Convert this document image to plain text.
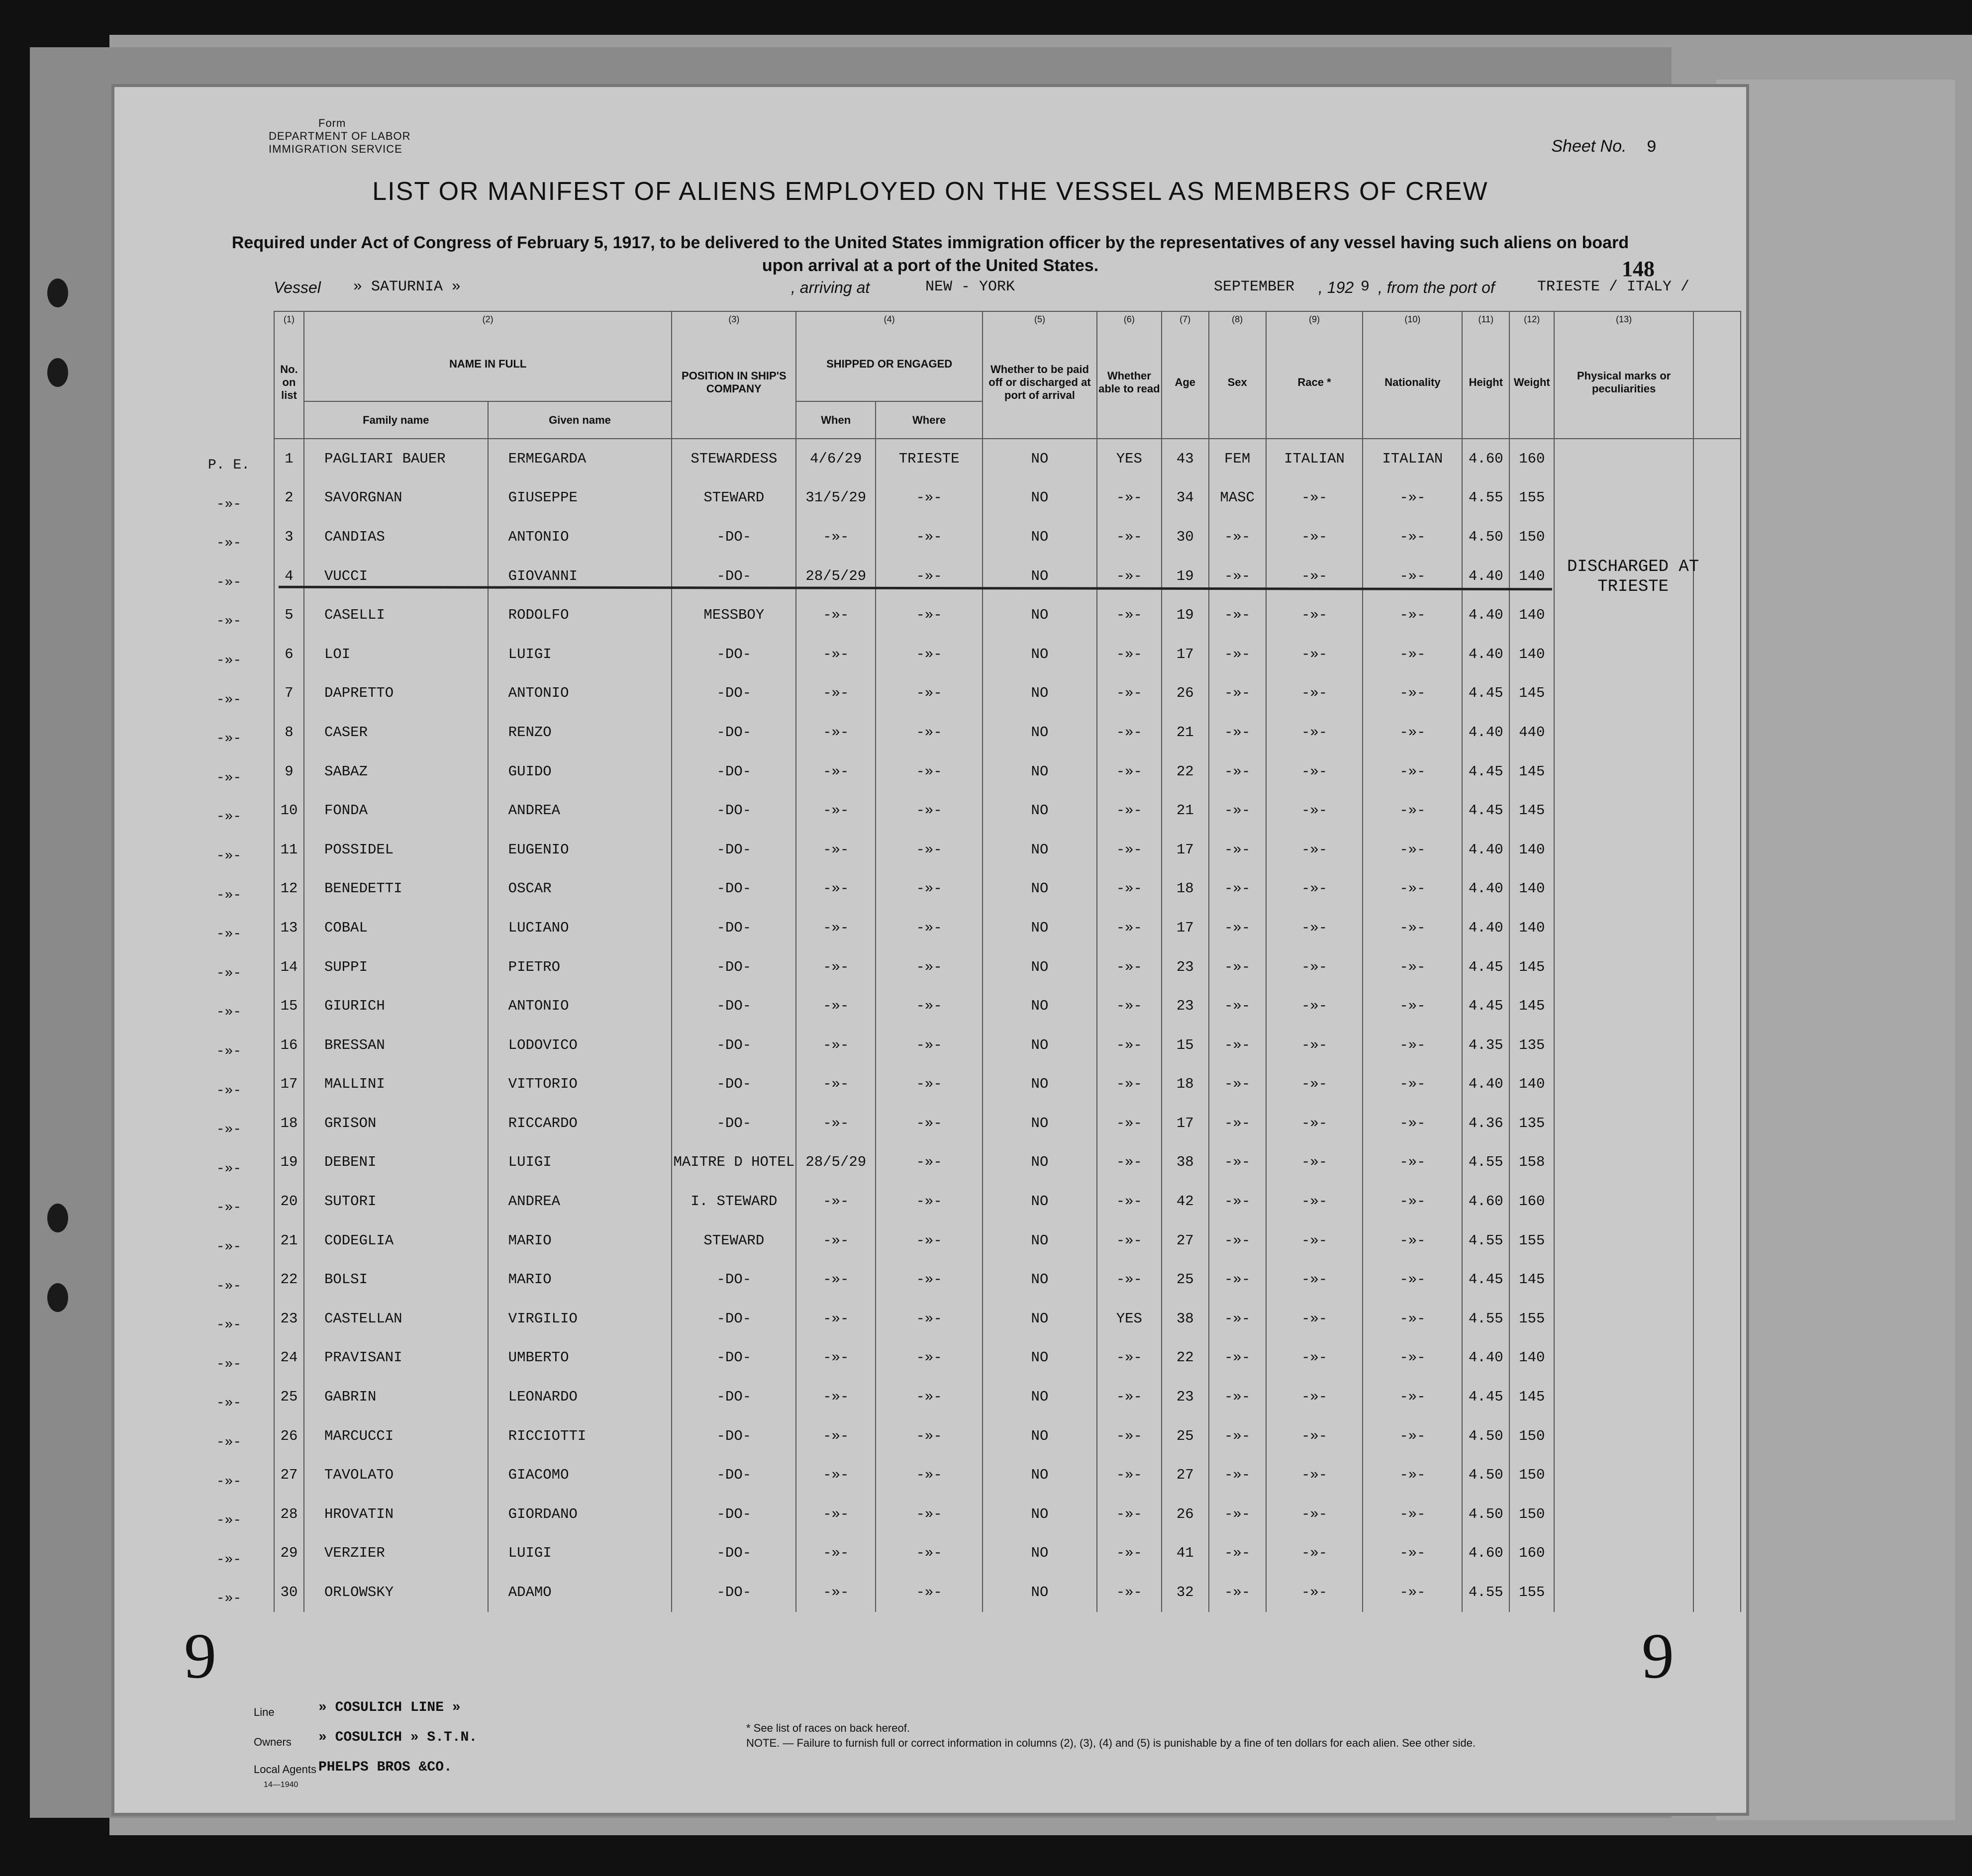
Form
DEPARTMENT OF LABOR
IMMIGRATION SERVICE	Sheet No. 9
LIST OR MANIFEST OF ALIENS EMPLOYED ON THE VESSEL AS MEMBERS OF CREW
Required under Act of Congress of February 5, 1917, to be delivered to the United States immigration officer by the representatives of any vessel having such aliens on board upon arrival at a port of the United States.	148
Vessel » SATURNIA »	, arriving at	NEW - YORK	SEPTEMBER , 192 9 , from the port of	TRIESTE / ITALY /
P. E.
-»-
-»-
-»-
-»-
-»-
-»-
-»-
-»-
-»-
-»-
-»-
-»-
-»-
-»-
-»-
-»-
-»-
-»-
-»-
-»-
-»-
-»-
-»-
-»-
-»-
-»-
-»-
-»-
-»-
(1)	(2)		(3)	(4)		(5)	(6)	(7)	(8)	(9)	(10)	(11)	(12)	(13)	
No. on list	NAME IN FULL		POSITION IN SHIP'S COMPANY	SHIPPED OR ENGAGED		Whether to be paid off or discharged at port of arrival	Whether able to read	Age	Sex	Race *	Nationality	Height	Weight	Physical marks or peculiarities	
	Family name	Given name		When	Where										
1	PAGLIARI BAUER	ERMEGARDA	STEWARDESS	4/6/29	TRIESTE	NO	YES	43	FEM	ITALIAN	ITALIAN	4.60	160		
2	SAVORGNAN	GIUSEPPE	STEWARD	31/5/29	-»-	NO	-»-	34	MASC	-»-	-»-	4.55	155		
3	CANDIAS	ANTONIO	-DO-	-»-	-»-	NO	-»-	30	-»-	-»-	-»-	4.50	150		
4	VUCCI	GIOVANNI	-DO-	28/5/29	-»-	NO	-»-	19	-»-	-»-	-»-	4.40	140		
5	CASELLI	RODOLFO	MESSBOY	-»-	-»-	NO	-»-	19	-»-	-»-	-»-	4.40	140		
6	LOI	LUIGI	-DO-	-»-	-»-	NO	-»-	17	-»-	-»-	-»-	4.40	140		
7	DAPRETTO	ANTONIO	-DO-	-»-	-»-	NO	-»-	26	-»-	-»-	-»-	4.45	145		
8	CASER	RENZO	-DO-	-»-	-»-	NO	-»-	21	-»-	-»-	-»-	4.40	440		
9	SABAZ	GUIDO	-DO-	-»-	-»-	NO	-»-	22	-»-	-»-	-»-	4.45	145		
10	FONDA	ANDREA	-DO-	-»-	-»-	NO	-»-	21	-»-	-»-	-»-	4.45	145		
11	POSSIDEL	EUGENIO	-DO-	-»-	-»-	NO	-»-	17	-»-	-»-	-»-	4.40	140		
12	BENEDETTI	OSCAR	-DO-	-»-	-»-	NO	-»-	18	-»-	-»-	-»-	4.40	140		
13	COBAL	LUCIANO	-DO-	-»-	-»-	NO	-»-	17	-»-	-»-	-»-	4.40	140		
14	SUPPI	PIETRO	-DO-	-»-	-»-	NO	-»-	23	-»-	-»-	-»-	4.45	145		
15	GIURICH	ANTONIO	-DO-	-»-	-»-	NO	-»-	23	-»-	-»-	-»-	4.45	145		
16	BRESSAN	LODOVICO	-DO-	-»-	-»-	NO	-»-	15	-»-	-»-	-»-	4.35	135		
17	MALLINI	VITTORIO	-DO-	-»-	-»-	NO	-»-	18	-»-	-»-	-»-	4.40	140		
18	GRISON	RICCARDO	-DO-	-»-	-»-	NO	-»-	17	-»-	-»-	-»-	4.36	135		
19	DEBENI	LUIGI	MAITRE D HOTEL	28/5/29	-»-	NO	-»-	38	-»-	-»-	-»-	4.55	158		
20	SUTORI	ANDREA	I. STEWARD	-»-	-»-	NO	-»-	42	-»-	-»-	-»-	4.60	160		
21	CODEGLIA	MARIO	STEWARD	-»-	-»-	NO	-»-	27	-»-	-»-	-»-	4.55	155		
22	BOLSI	MARIO	-DO-	-»-	-»-	NO	-»-	25	-»-	-»-	-»-	4.45	145		
23	CASTELLAN	VIRGILIO	-DO-	-»-	-»-	NO	YES	38	-»-	-»-	-»-	4.55	155		
24	PRAVISANI	UMBERTO	-DO-	-»-	-»-	NO	-»-	22	-»-	-»-	-»-	4.40	140		
25	GABRIN	LEONARDO	-DO-	-»-	-»-	NO	-»-	23	-»-	-»-	-»-	4.45	145		
26	MARCUCCI	RICCIOTTI	-DO-	-»-	-»-	NO	-»-	25	-»-	-»-	-»-	4.50	150		
27	TAVOLATO	GIACOMO	-DO-	-»-	-»-	NO	-»-	27	-»-	-»-	-»-	4.50	150		
28	HROVATIN	GIORDANO	-DO-	-»-	-»-	NO	-»-	26	-»-	-»-	-»-	4.50	150		
29	VERZIER	LUIGI	-DO-	-»-	-»-	NO	-»-	41	-»-	-»-	-»-	4.60	160		
30	ORLOWSKY	ADAMO	-DO-	-»-	-»-	NO	-»-	32	-»-	-»-	-»-	4.55	155		
DISCHARGED AT
TRIESTE
9	9
Line	» COSULICH LINE »
Owners » COSULICH » S.T.N.
Local Agents PHELPS BROS &CO.
14—1940
* See list of races on back hereof.
NOTE. — Failure to furnish full or correct information in columns (2), (3), (4) and (5) is punishable by a fine of ten dollars for each alien. See other side.
